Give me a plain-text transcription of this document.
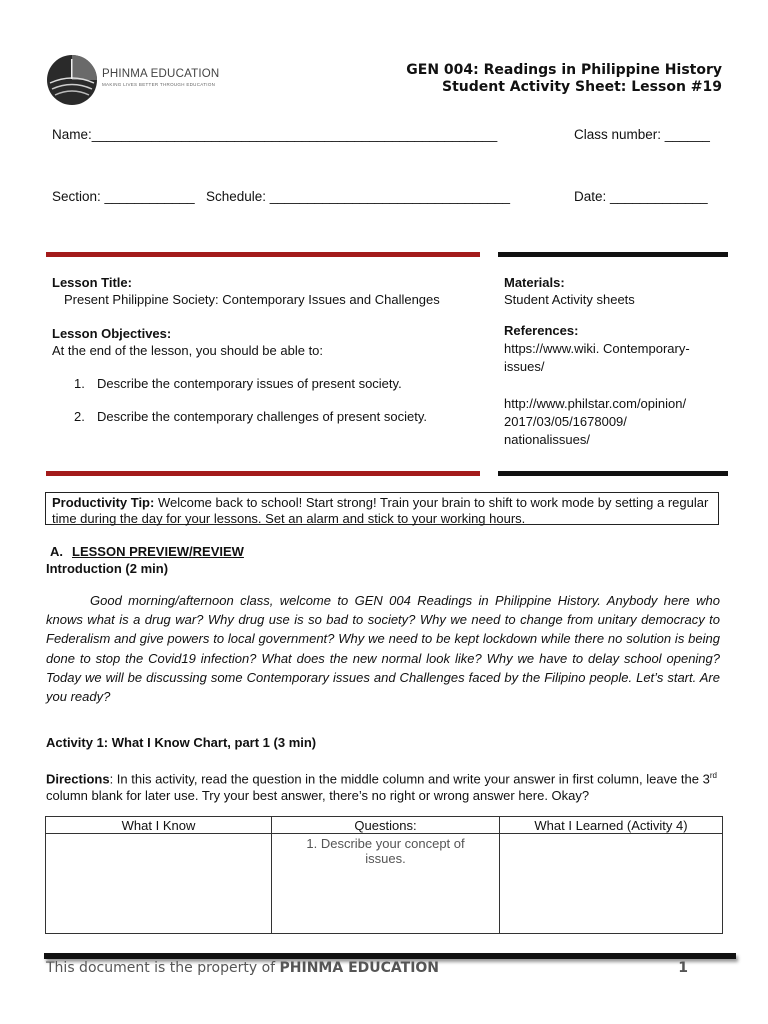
PHINMA EDUCATION
MAKING LIVES BETTER THROUGH EDUCATION
GEN 004: Readings in Philippine History
Student Activity Sheet: Lesson #19
Name:______________________________________________________	Class number: ______
Section: ____________ Schedule: ________________________________	Date: _____________
Lesson Title:
Present Philippine Society: Contemporary Issues and Challenges
Lesson Objectives:
At the end of the lesson, you should be able to:
1. Describe the contemporary issues of present society.
2. Describe the contemporary challenges of present society.
Materials:
Student Activity sheets
References:
https://www.wiki. Contemporary-
issues/
http://www.philstar.com/opinion/
2017/03/05/1678009/
nationalissues/
Productivity Tip: Welcome back to school! Start strong! Train your brain to shift to work mode by setting a regular time during the day for your lessons. Set an alarm and stick to your working hours.
A. LESSON PREVIEW/REVIEW
Introduction (2 min)
Good morning/afternoon class, welcome to GEN 004 Readings in Philippine History. Anybody here who knows what is a drug war? Why drug use is so bad to society? Why we need to change from unitary democracy to Federalism and give powers to local government? Why we need to be kept lockdown while there no solution is being done to stop the Covid19 infection? What does the new normal look like? Why we have to delay school opening? Today we will be discussing some Contemporary issues and Challenges faced by the Filipino people. Let’s start. Are you ready?
Activity 1: What I Know Chart, part 1 (3 min)
Directions: In this activity, read the question in the middle column and write your answer in first column, leave the 3rd column blank for later use. Try your best answer, there’s no right or wrong answer here. Okay?
What I Know	Questions:	What I Learned (Activity 4)

	1. Describe your concept of issues.	

This document is the property of PHINMA EDUCATION	1
